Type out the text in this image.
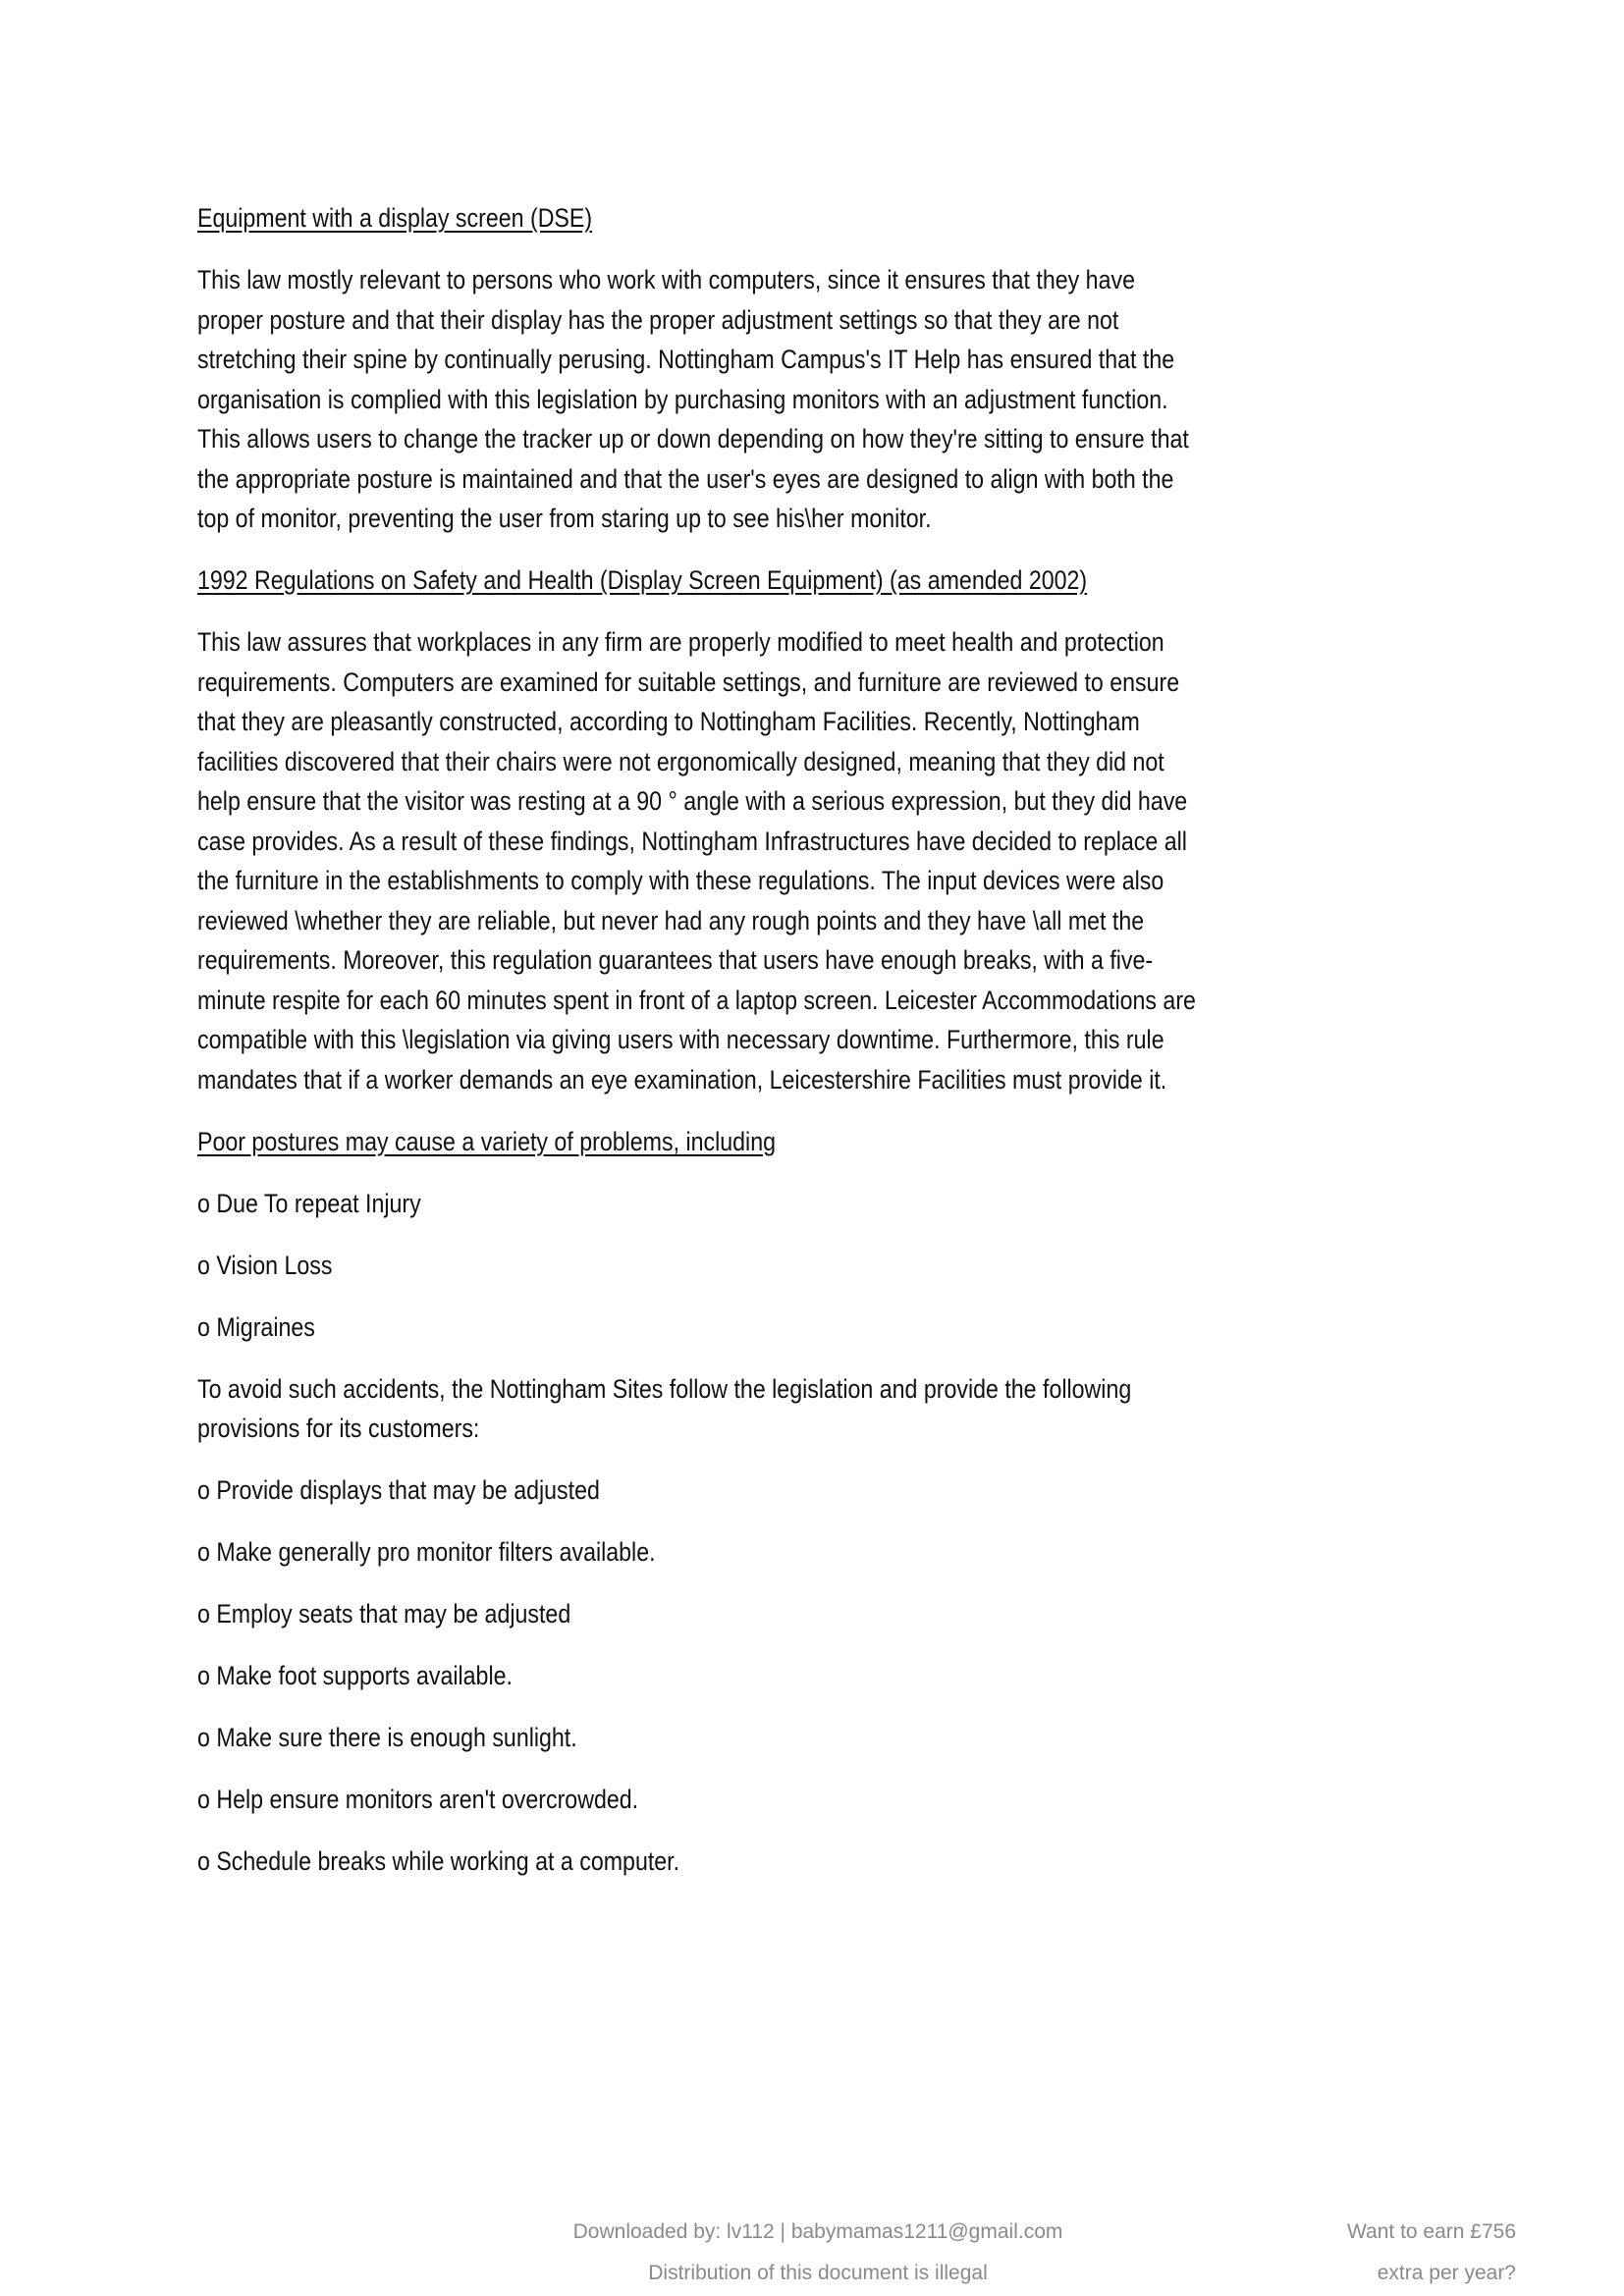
Equipment with a display screen (DSE)
This law mostly relevant to persons who work with computers, since it ensures that they have
proper posture and that their display has the proper adjustment settings so that they are not
stretching their spine by continually perusing. Nottingham Campus's IT Help has ensured that the
organisation is complied with this legislation by purchasing monitors with an adjustment function.
This allows users to change the tracker up or down depending on how they're sitting to ensure that
the appropriate posture is maintained and that the user's eyes are designed to align with both the
top of monitor, preventing the user from staring up to see his\her monitor.
1992 Regulations on Safety and Health (Display Screen Equipment) (as amended 2002)
This law assures that workplaces in any firm are properly modified to meet health and protection
requirements. Computers are examined for suitable settings, and furniture are reviewed to ensure
that they are pleasantly constructed, according to Nottingham Facilities. Recently, Nottingham
facilities discovered that their chairs were not ergonomically designed, meaning that they did not
help ensure that the visitor was resting at a 90 ° angle with a serious expression, but they did have
case provides. As a result of these findings, Nottingham Infrastructures have decided to replace all
the furniture in the establishments to comply with these regulations. The input devices were also
reviewed \whether they are reliable, but never had any rough points and they have \all met the
requirements. Moreover, this regulation guarantees that users have enough breaks, with a five-
minute respite for each 60 minutes spent in front of a laptop screen. Leicester Accommodations are
compatible with this \legislation via giving users with necessary downtime. Furthermore, this rule
mandates that if a worker demands an eye examination, Leicestershire Facilities must provide it.
Poor postures may cause a variety of problems, including
o Due To repeat Injury
o Vision Loss
o Migraines
To avoid such accidents, the Nottingham Sites follow the legislation and provide the following
provisions for its customers:
o Provide displays that may be adjusted
o Make generally pro monitor filters available.
o Employ seats that may be adjusted
o Make foot supports available.
o Make sure there is enough sunlight.
o Help ensure monitors aren't overcrowded.
o Schedule breaks while working at a computer.
Downloaded by: lv112 | babymamas1211@gmail.com
Distribution of this document is illegal
Want to earn £756
extra per year?
